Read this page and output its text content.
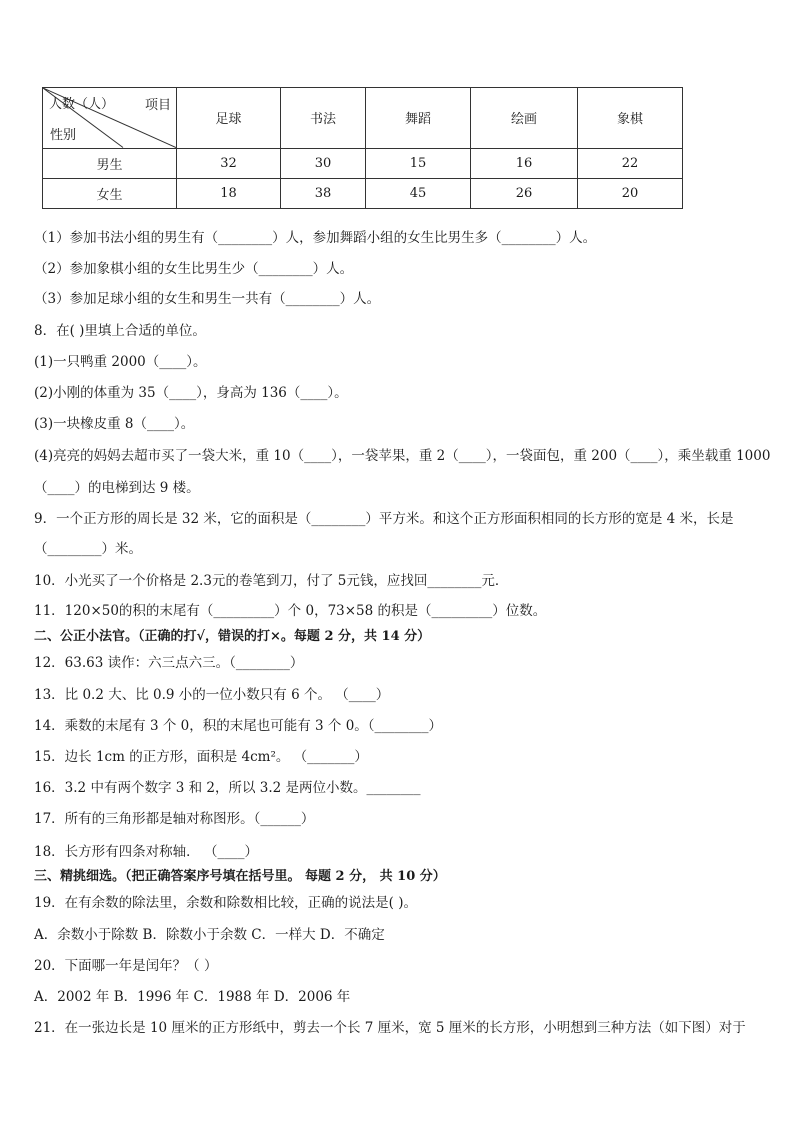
人数（人） 项目
性别	足球	书法	舞蹈	绘画	象棋
男生	32	30	15	16	22
女生	18	38	45	26	20
（1）参加书法小组的男生有（________）人，参加舞蹈小组的女生比男生多（________）人。
（2）参加象棋小组的女生比男生少（________）人。
（3）参加足球小组的女生和男生一共有（________）人。
8．在( )里填上合适的单位。
(1)一只鸭重 2000（____）。
(2)小刚的体重为 35（____），身高为 136（____）。
(3)一块橡皮重 8（____）。
(4)亮亮的妈妈去超市买了一袋大米，重 10（____），一袋苹果，重 2（____），一袋面包，重 200（____），乘坐载重 1000
（____）的电梯到达 9 楼。
9．一个正方形的周长是 32 米，它的面积是（________）平方米。和这个正方形面积相同的长方形的宽是 4 米，长是
（________）米。
10．小光买了一个价格是 2.3元的卷笔到刀，付了 5元钱，应找回________元．
11．120×50的积的末尾有（_________）个 0，73×58 的积是（_________）位数。
二、公正小法官。（正确的打√，错误的打×。每题 2 分，共 14 分）
12．63.63 读作：六三点六三。（________）
13．比 0.2 大、比 0.9 小的一位小数只有 6 个。 （____）
14．乘数的末尾有 3 个 0，积的末尾也可能有 3 个 0。（________）
15．边长 1cm 的正方形，面积是 4cm²。 （_______）
16．3.2 中有两个数字 3 和 2，所以 3.2 是两位小数。________
17．所有的三角形都是轴对称图形。（______）
18．长方形有四条对称轴． （____）
三、精挑细选。（把正确答案序号填在括号里。 每题 2 分， 共 10 分）
19．在有余数的除法里，余数和除数相比较，正确的说法是( )。
A．余数小于除数 B．除数小于余数 C．一样大 D．不确定
20．下面哪一年是闰年？（ ）
A．2002 年 B．1996 年 C．1988 年 D．2006 年
21．在一张边长是 10 厘米的正方形纸中，剪去一个长 7 厘米，宽 5 厘米的长方形，小明想到三种方法（如下图）对于
